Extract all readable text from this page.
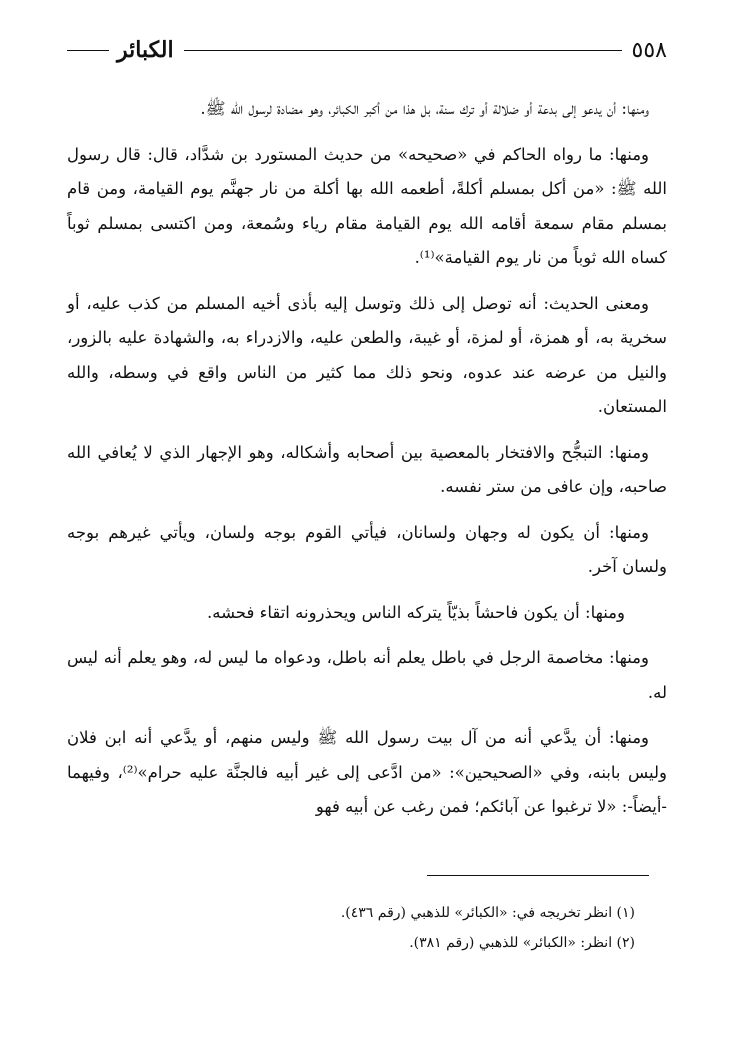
٥٥٨
الكبائر

ومنها: أن يدعو إلى بدعة أو ضلالة أو ترك سنة، بل هذا من أكبر الكبائر، وهو مضادة لرسول الله ﷺ.

ومنها: ما رواه الحاكم في «صحيحه» من حديث المستورد بن شدَّاد، قال: قال رسول الله ﷺ: «من أكل بمسلم أكلةً، أطعمه الله بها أكلة من نار جهنَّم يوم القيامة، ومن قام بمسلم مقام سمعة أقامه الله يوم القيامة مقام رياء وسُمعة، ومن اكتسى بمسلم ثوباً كساه الله ثوباً من نار يوم القيامة»⁽¹⁾.

ومعنى الحديث: أنه توصل إلى ذلك وتوسل إليه بأذى أخيه المسلم من كذب عليه، أو سخرية به، أو همزة، أو لمزة، أو غيبة، والطعن عليه، والازدراء به، والشهادة عليه بالزور، والنيل من عرضه عند عدوه، ونحو ذلك مما كثير من الناس واقع في وسطه، والله المستعان.

ومنها: التبجُّح والافتخار بالمعصية بين أصحابه وأشكاله، وهو الإجهار الذي لا يُعافي الله صاحبه، وإن عافى من ستر نفسه.

ومنها: أن يكون له وجهان ولسانان، فيأتي القوم بوجه ولسان، ويأتي غيرهم بوجه ولسان آخر.

ومنها: أن يكون فاحشاً بذيّاً يتركه الناس ويحذرونه اتقاء فحشه.

ومنها: مخاصمة الرجل في باطل يعلم أنه باطل، ودعواه ما ليس له، وهو يعلم أنه ليس له.

ومنها: أن يدَّعي أنه من آل بيت رسول الله ﷺ وليس منهم، أو يدَّعي أنه ابن فلان وليس بابنه، وفي «الصحيحين»: «من ادَّعى إلى غير أبيه فالجنَّة عليه حرام»⁽²⁾، وفيهما -أيضاً-: «لا ترغبوا عن آبائكم؛ فمن رغب عن أبيه فهو

(١) انظر تخريجه في: «الكبائر» للذهبي (رقم ٤٣٦).

(٢) انظر: «الكبائر» للذهبي (رقم ٣٨١).
